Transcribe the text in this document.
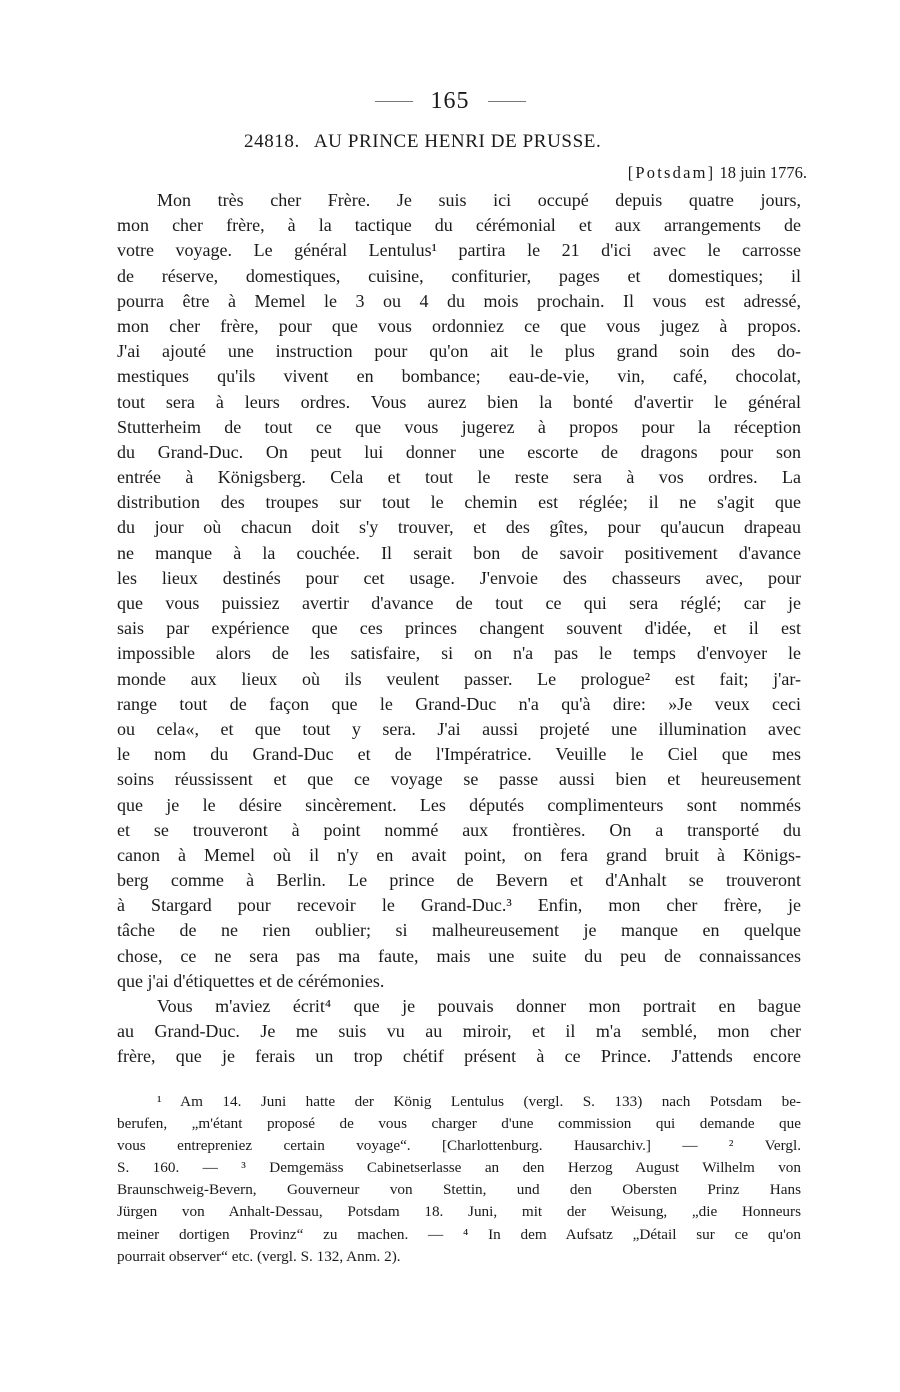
165
24818. AU PRINCE HENRI DE PRUSSE.
[Potsdam] 18 juin 1776.
Mon très cher Frère. Je suis ici occupé depuis quatre jours,
mon cher frère, à la tactique du cérémonial et aux arrangements de
votre voyage. Le général Lentulus¹ partira le 21 d'ici avec le carrosse
de réserve, domestiques, cuisine, confiturier, pages et domestiques; il
pourra être à Memel le 3 ou 4 du mois prochain. Il vous est adressé,
mon cher frère, pour que vous ordonniez ce que vous jugez à propos.
J'ai ajouté une instruction pour qu'on ait le plus grand soin des do-
mestiques qu'ils vivent en bombance; eau-de-vie, vin, café, chocolat,
tout sera à leurs ordres. Vous aurez bien la bonté d'avertir le général
Stutterheim de tout ce que vous jugerez à propos pour la réception
du Grand-Duc. On peut lui donner une escorte de dragons pour son
entrée à Königsberg. Cela et tout le reste sera à vos ordres. La
distribution des troupes sur tout le chemin est réglée; il ne s'agit que
du jour où chacun doit s'y trouver, et des gîtes, pour qu'aucun drapeau
ne manque à la couchée. Il serait bon de savoir positivement d'avance
les lieux destinés pour cet usage. J'envoie des chasseurs avec, pour
que vous puissiez avertir d'avance de tout ce qui sera réglé; car je
sais par expérience que ces princes changent souvent d'idée, et il est
impossible alors de les satisfaire, si on n'a pas le temps d'envoyer le
monde aux lieux où ils veulent passer. Le prologue² est fait; j'ar-
range tout de façon que le Grand-Duc n'a qu'à dire: »Je veux ceci
ou cela«, et que tout y sera. J'ai aussi projeté une illumination avec
le nom du Grand-Duc et de l'Impératrice. Veuille le Ciel que mes
soins réussissent et que ce voyage se passe aussi bien et heureusement
que je le désire sincèrement. Les députés complimenteurs sont nommés
et se trouveront à point nommé aux frontières. On a transporté du
canon à Memel où il n'y en avait point, on fera grand bruit à Königs-
berg comme à Berlin. Le prince de Bevern et d'Anhalt se trouveront
à Stargard pour recevoir le Grand-Duc.³ Enfin, mon cher frère, je
tâche de ne rien oublier; si malheureusement je manque en quelque
chose, ce ne sera pas ma faute, mais une suite du peu de connaissances
que j'ai d'étiquettes et de cérémonies.
Vous m'aviez écrit⁴ que je pouvais donner mon portrait en bague
au Grand-Duc. Je me suis vu au miroir, et il m'a semblé, mon cher
frère, que je ferais un trop chétif présent à ce Prince. J'attends encore
¹ Am 14. Juni hatte der König Lentulus (vergl. S. 133) nach Potsdam be-
berufen, „m'étant proposé de vous charger d'une commission qui demande que
vous entrepreniez certain voyage“. [Charlottenburg. Hausarchiv.] — ² Vergl.
S. 160. — ³ Demgemäss Cabinetserlasse an den Herzog August Wilhelm von
Braunschweig-Bevern, Gouverneur von Stettin, und den Obersten Prinz Hans
Jürgen von Anhalt-Dessau, Potsdam 18. Juni, mit der Weisung, „die Honneurs
meiner dortigen Provinz“ zu machen. — ⁴ In dem Aufsatz „Détail sur ce qu'on
pourrait observer“ etc. (vergl. S. 132, Anm. 2).
